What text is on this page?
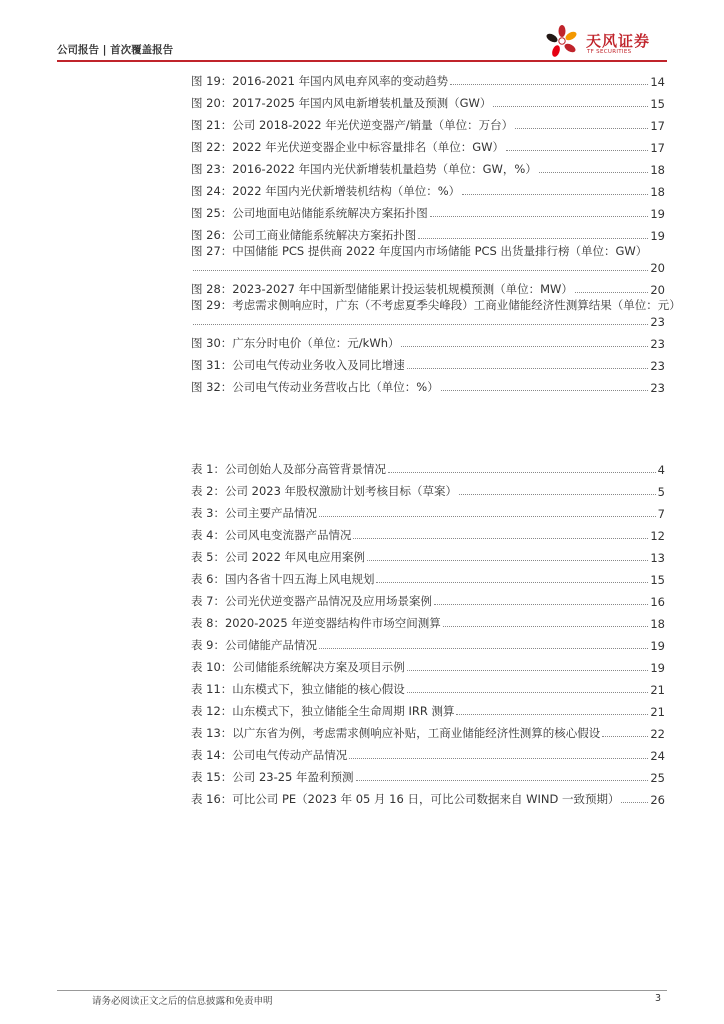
公司报告 | 首次覆盖报告	天风证券
TF SECURITIES
图 19：2016-2021 年国内风电弃风率的变动趋势	14
图 20：2017-2025 年国内风电新增装机量及预测（GW）	15
图 21：公司 2018-2022 年光伏逆变器产/销量（单位：万台）	17
图 22：2022 年光伏逆变器企业中标容量排名（单位：GW）	17
图 23：2016-2022 年国内光伏新增装机量趋势（单位：GW，%）	18
图 24：2022 年国内光伏新增装机结构（单位：%）	18
图 25：公司地面电站储能系统解决方案拓扑图	19
图 26：公司工商业储能系统解决方案拓扑图	19
图 27：中国储能 PCS 提供商 2022 年度国内市场储能 PCS 出货量排行榜（单位：GW）
20
图 28：2023-2027 年中国新型储能累计投运装机规模预测（单位：MW）	20
图 29：考虑需求侧响应时，广东（不考虑夏季尖峰段）工商业储能经济性测算结果（单位：元）
23
图 30：广东分时电价（单位：元/kWh）	23
图 31：公司电气传动业务收入及同比增速	23
图 32：公司电气传动业务营收占比（单位：%）	23
表 1：公司创始人及部分高管背景情况	4
表 2：公司 2023 年股权激励计划考核目标（草案）	5
表 3：公司主要产品情况	7
表 4：公司风电变流器产品情况	12
表 5：公司 2022 年风电应用案例	13
表 6：国内各省十四五海上风电规划	15
表 7：公司光伏逆变器产品情况及应用场景案例	16
表 8：2020-2025 年逆变器结构件市场空间测算	18
表 9：公司储能产品情况	19
表 10：公司储能系统解决方案及项目示例	19
表 11：山东模式下，独立储能的核心假设	21
表 12：山东模式下，独立储能全生命周期 IRR 测算	21
表 13：以广东省为例，考虑需求侧响应补贴，工商业储能经济性测算的核心假设	22
表 14：公司电气传动产品情况	24
表 15：公司 23-25 年盈利预测	25
表 16：可比公司 PE（2023 年 05 月 16 日，可比公司数据来自 WIND 一致预期）	26
请务必阅读正文之后的信息披露和免责申明	3
